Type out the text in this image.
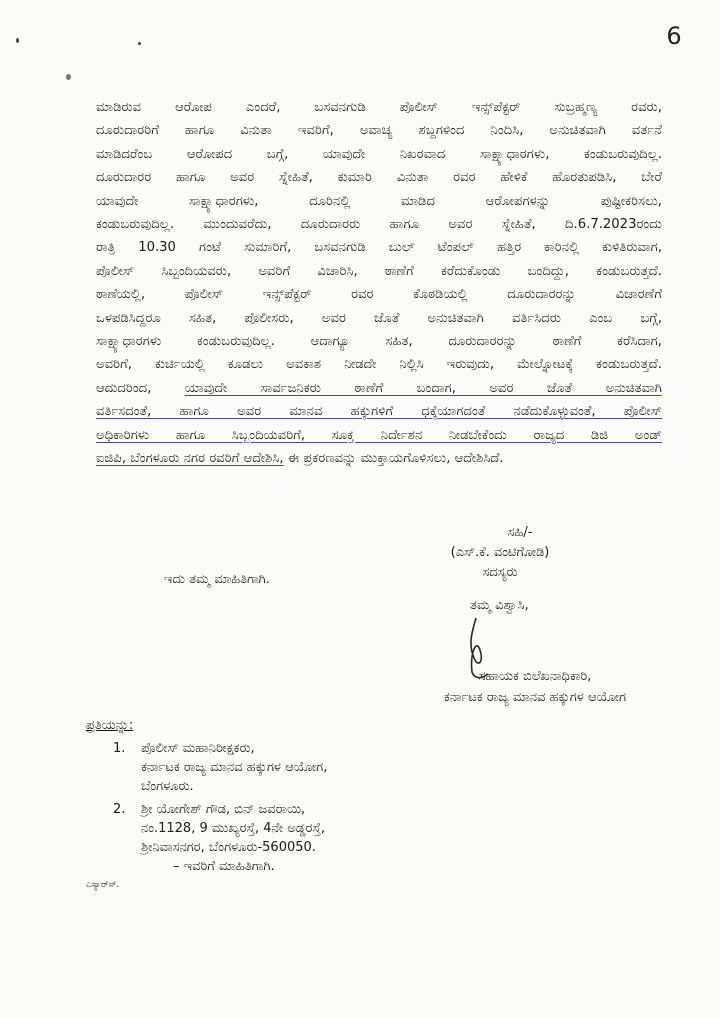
6
ಮಾಡಿರುವ ಆರೋಪ ಎಂದರೆ, ಬಸವನಗುಡಿ ಪೊಲೀಸ್ ಇನ್ಸ್‌ಪೆಕ್ಟರ್ ಸುಬ್ರಹ್ಮಣ್ಯ ರವರು,
ದೂರುದಾರರಿಗೆ ಹಾಗೂ ವಿನುತಾ ಇವರಿಗೆ, ಅವಾಚ್ಯ ಶಬ್ದಗಳಿಂದ ನಿಂದಿಸಿ, ಅನುಚಿತವಾಗಿ ವರ್ತನೆ
ಮಾಡಿದರೆಂಬ ಆರೋಪದ ಬಗ್ಗೆ, ಯಾವುದೇ ನಿಖರವಾದ ಸಾಕ್ಷ್ಯಾಧಾರಗಳು, ಕಂಡುಬರುವುದಿಲ್ಲ.
ದೂರುದಾರರ ಹಾಗೂ ಅವರ ಸ್ನೇಹಿತೆ, ಕುಮಾರಿ ವಿನುತಾ ರವರ ಹೇಳಿಕೆ ಹೊರತುಪಡಿಸಿ, ಬೇರೆ
ಯಾವುದೇ ಸಾಕ್ಷ್ಯಾಧಾರಗಳು, ದೂರಿನಲ್ಲಿ ಮಾಡಿದ ಆರೋಪಗಳನ್ನು ಪುಷ್ಟೀಕರಿಸಲು,
ಕಂಡುಬರುವುದಿಲ್ಲ. ಮುಂದುವರೆದು, ದೂರುದಾರರು ಹಾಗೂ ಅವರ ಸ್ನೇಹಿತೆ, ದಿ.6.7.2023ರಂದು
ರಾತ್ರಿ 10.30 ಗಂಟೆ ಸುಮಾರಿಗೆ, ಬಸವನಗುಡಿ ಬುಲ್ ಟೆಂಪಲ್ ಹತ್ತಿರ ಕಾರಿನಲ್ಲಿ ಕುಳಿತಿರುವಾಗ,
ಪೊಲೀಸ್ ಸಿಬ್ಬಂದಿಯವರು, ಅವರಿಗೆ ವಿಚಾರಿಸಿ, ಠಾಣೆಗೆ ಕರೆದುಕೊಂಡು ಬಂದಿದ್ದು, ಕಂಡುಬರುತ್ತದೆ.
ಠಾಣೆಯಲ್ಲಿ, ಪೊಲೀಸ್ ಇನ್ಸ್‌ಪೆಕ್ಟರ್ ರವರ ಕೊಠಡಿಯಲ್ಲಿ ದೂರುದಾರರನ್ನು ವಿಚಾರಣೆಗೆ
ಒಳಪಡಿಸಿದ್ದರೂ ಸಹಿತ, ಪೊಲೀಸರು, ಅವರ ಜೊತೆ ಅನುಚಿತವಾಗಿ ವರ್ತಿಸಿದರು ಎಂಬ ಬಗ್ಗೆ,
ಸಾಕ್ಷ್ಯಾಧಾರಗಳು ಕಂಡುಬರುವುದಿಲ್ಲ. ಆದಾಗ್ಯೂ ಸಹಿತ, ದೂರುದಾರರನ್ನು ಠಾಣೆಗೆ ಕರೆಸಿದಾಗ,
ಅವರಿಗೆ, ಕುರ್ಚಿಯಲ್ಲಿ ಕೂಡಲು ಅವಕಾಶ ನೀಡದೇ ನಿಲ್ಲಿಸಿ ಇರುವುದು, ಮೇಲ್ನೋಟಕ್ಕೆ ಕಂಡುಬರುತ್ತದೆ.
ಆದುದರಿಂದ,	ಯಾವುದೇ ಸಾರ್ವಜನಿಕರು ಠಾಣೆಗೆ ಬಂದಾಗ, ಅವರ ಜೊತೆ ಅನುಚಿತವಾಗಿ
ವರ್ತಿಸದಂತೆ, ಹಾಗೂ ಅವರ ಮಾನವ ಹಕ್ಕುಗಳಿಗೆ ಧಕ್ಕೆಯಾಗದಂತೆ ನಡೆದುಕೊಳ್ಳುವಂತೆ, ಪೊಲೀಸ್
ಅಧಿಕಾರಿಗಳು ಹಾಗೂ ಸಿಬ್ಬಂದಿಯವರಿಗೆ, ಸೂಕ್ತ ನಿರ್ದೇಶನ ನೀಡಬೇಕೆಂದು ರಾಜ್ಯದ ಡಿಜಿ ಅಂಡ್
ಐಜಿಪಿ, ಬೆಂಗಳೂರು ನಗರ ರವರಿಗೆ ಆದೇಶಿಸಿ, ಈ ಪ್ರಕರಣವನ್ನು ಮುಕ್ತಾಯಗೊಳಿಸಲು, ಆದೇಶಿಸಿದೆ.
ಸಹಿ/-
(ಎಸ್.ಕೆ. ವಂಟಿಗೋಡಿ)
ಸದಸ್ಯರು
ಇದು ತಮ್ಮ ಮಾಹಿತಿಗಾಗಿ.
ತಮ್ಮ ವಿಶ್ವಾಸಿ,
ಸಹಾಯಕ ಬಿಲೆಖನಾಧಿಕಾರಿ,
ಕರ್ನಾಟಕ ರಾಜ್ಯ ಮಾನವ ಹಕ್ಕುಗಳ ಆಯೋಗ
ಪ್ರತಿಯನ್ನು:
1. ಪೊಲೀಸ್ ಮಹಾನಿರೀಕ್ಷಕರು,
ಕರ್ನಾಟಕ ರಾಜ್ಯ ಮಾನವ ಹಕ್ಕುಗಳ ಆಯೋಗ,
ಬೆಂಗಳೂರು.
2. ಶ್ರೀ ಯೋಗೇಶ್ ಗೌಡ, ಬಿನ್ ಜವರಾಯಿ,
ನಂ.1128, 9 ಮುಖ್ಯರಸ್ತೆ, 4ನೇ ಅಡ್ಡರಸ್ತೆ,
ಶ್ರೀನಿವಾಸನಗರ, ಬೆಂಗಳೂರು-560050.
– ಇವರಿಗೆ ಮಾಹಿತಿಗಾಗಿ.
ಎಸ್ಯಾರ್‌ಸ್.
